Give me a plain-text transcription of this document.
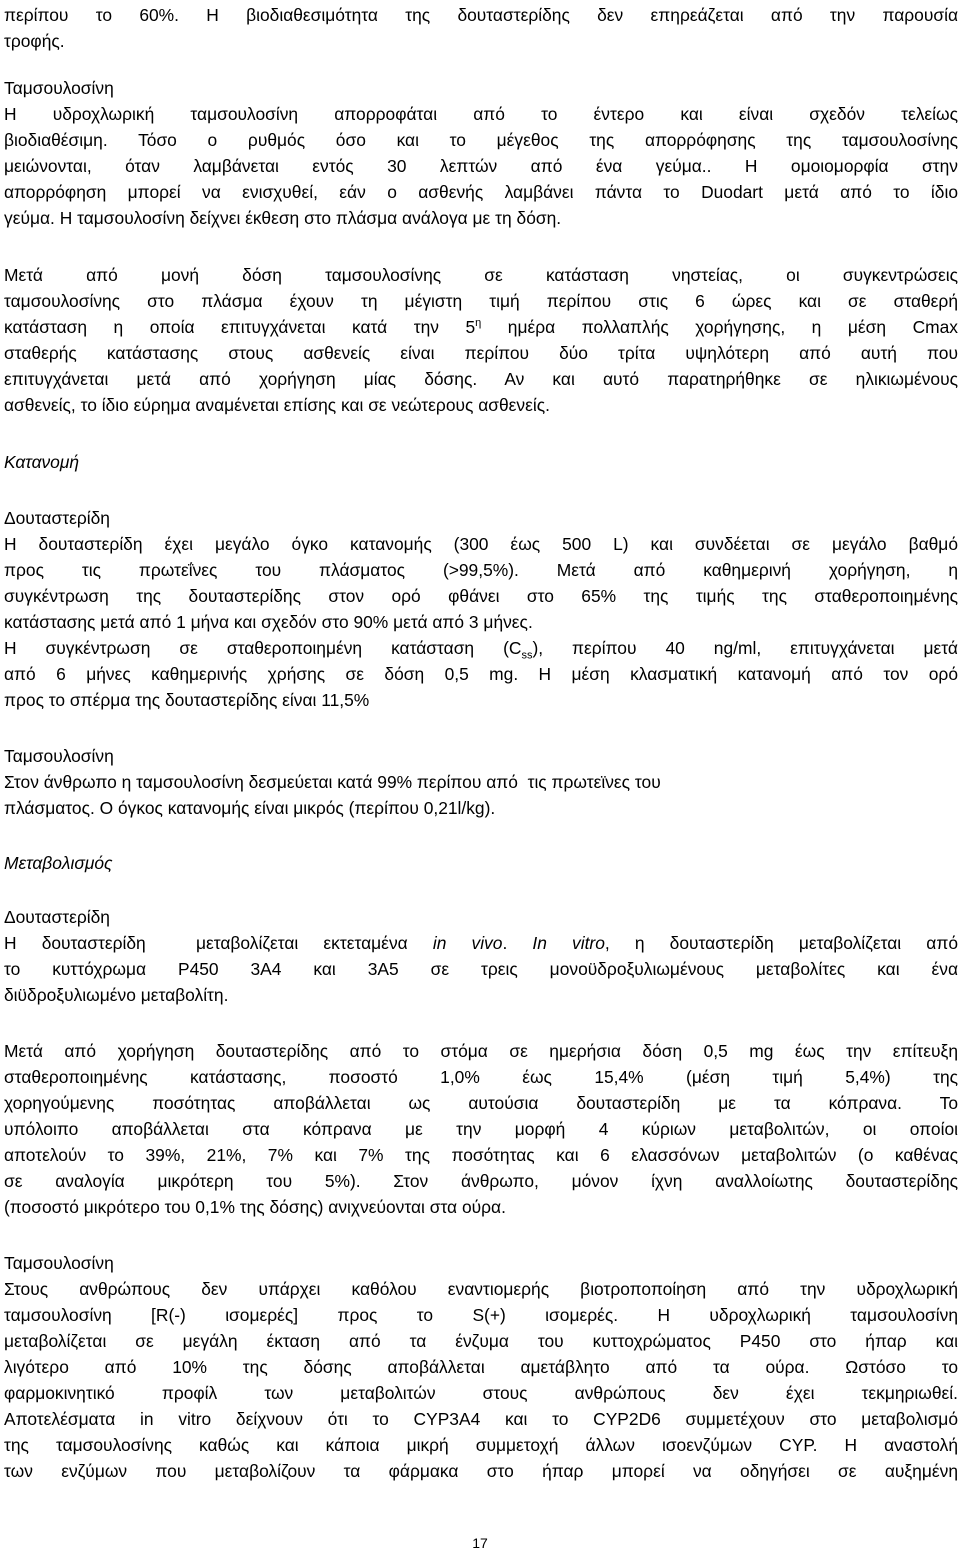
περίπου το 60%. Η βιοδιαθεσιμότητα της δουταστερίδης δεν επηρεάζεται από την παρουσία
τροφής.
Ταμσουλοσίνη
Η υδροχλωρική ταμσουλοσίνη απορροφάται από το έντερο και είναι σχεδόν τελείως
βιοδιαθέσιμη. Τόσο ο ρυθμός όσο και το μέγεθος της απορρόφησης της ταμσουλοσίνης
μειώνονται, όταν λαμβάνεται εντός 30 λεπτών από ένα γεύμα.. Η ομοιομορφία στην
απορρόφηση μπορεί να ενισχυθεί, εάν ο ασθενής λαμβάνει πάντα το Duodart μετά από το ίδιο
γεύμα. Η ταμσουλοσίνη δείχνει έκθεση στο πλάσμα ανάλογα με τη δόση.
Μετά από μονή δόση ταμσουλοσίνης σε κατάσταση νηστείας, οι συγκεντρώσεις
ταμσουλοσίνης στο πλάσμα έχουν τη μέγιστη τιμή περίπου στις 6 ώρες και σε σταθερή
κατάσταση η οποία επιτυγχάνεται κατά την $5^\eta$ ημέρα πολλαπλής χορήγησης, η μέση Cmax
σταθερής κατάστασης στους ασθενείς είναι περίπου δύο τρίτα υψηλότερη από αυτή που
επιτυγχάνεται μετά από χορήγηση μίας δόσης. Αν και αυτό παρατηρήθηκε σε ηλικιωμένους
ασθενείς, το ίδιο εύρημα αναμένεται επίσης και σε νεώτερους ασθενείς.
Κατανομή
Δουταστερίδη
Η δουταστερίδη έχει μεγάλο όγκο κατανομής (300 έως 500 L) και συνδέεται σε μεγάλο βαθμό
προς τις πρωτεΐνες του πλάσματος (>99,5%). Μετά από καθημερινή χορήγηση, η
συγκέντρωση της δουταστερίδης στον ορό φθάνει στο 65% της τιμής της σταθεροποιημένης
κατάστασης μετά από 1 μήνα και σχεδόν στο 90% μετά από 3 μήνες.
Η συγκέντρωση σε σταθεροποιημένη κατάσταση $(C_{ss})$, περίπου 40 ng/ml, επιτυγχάνεται μετά
από 6 μήνες καθημερινής χρήσης σε δόση 0,5 mg. Η μέση κλασματική κατανομή από τον ορό
προς το σπέρμα της δουταστερίδης είναι 11,5%
Ταμσουλοσίνη
Στον άνθρωπο η ταμσουλοσίνη δεσμεύεται κατά 99% περίπου από  τις πρωτεϊνες του
πλάσματος. Ο όγκος κατανομής είναι μικρός (περίπου 0,21l/kg).
Μεταβολισμός
Δουταστερίδη
Η δουταστερίδη  μεταβολίζεται εκτεταμένα in vivo. In vitro, η δουταστερίδη μεταβολίζεται από
το κυττόχρωμα P450 3A4 και 3A5 σε τρεις μονοϋδροξυλιωμένους μεταβολίτες και ένα
διϋδροξυλιωμένο μεταβολίτη.
Μετά από χορήγηση δουταστερίδης από το στόμα σε ημερήσια δόση 0,5 mg έως την επίτευξη
σταθεροποιημένης κατάστασης, ποσοστό 1,0% έως 15,4% (μέση τιμή 5,4%) της
χορηγούμενης ποσότητας αποβάλλεται ως αυτούσια δουταστερίδη με τα κόπρανα. Το
υπόλοιπο αποβάλλεται στα κόπρανα με την μορφή 4 κύριων μεταβολιτών, οι οποίοι
αποτελούν το 39%, 21%, 7% και 7% της ποσότητας και 6 ελασσόνων μεταβολιτών (ο καθένας
σε αναλογία μικρότερη του 5%). Στον άνθρωπο, μόνον ίχνη αναλλοίωτης δουταστερίδης
(ποσοστό μικρότερο του 0,1% της δόσης) ανιχνεύονται στα ούρα.
Ταμσουλοσίνη
Στους ανθρώπους δεν υπάρχει καθόλου εναντιομερής βιοτροποποίηση από την υδροχλωρική
ταμσουλοσίνη [R(-) ισομερές] προς το S(+) ισομερές. Η υδροχλωρική ταμσουλοσίνη
μεταβολίζεται σε μεγάλη έκταση από τα ένζυμα του κυττοχρώματος P450 στο ήπαρ και
λιγότερο από 10% της δόσης αποβάλλεται αμετάβλητο από τα ούρα. Ωστόσο το
φαρμοκινητικό προφίλ των μεταβολιτών στους ανθρώπους δεν έχει τεκμηριωθεί.
Αποτελέσματα in vitro δείχνουν ότι το CYP3A4 και το CYP2D6 συμμετέχουν στο μεταβολισμό
της ταμσουλοσίνης καθώς και κάποια μικρή συμμετοχή άλλων ισοενζύμων CYP. Η αναστολή
των ενζύμων που μεταβολίζουν τα φάρμακα στο ήπαρ μπορεί να οδηγήσει σε αυξημένη
17
